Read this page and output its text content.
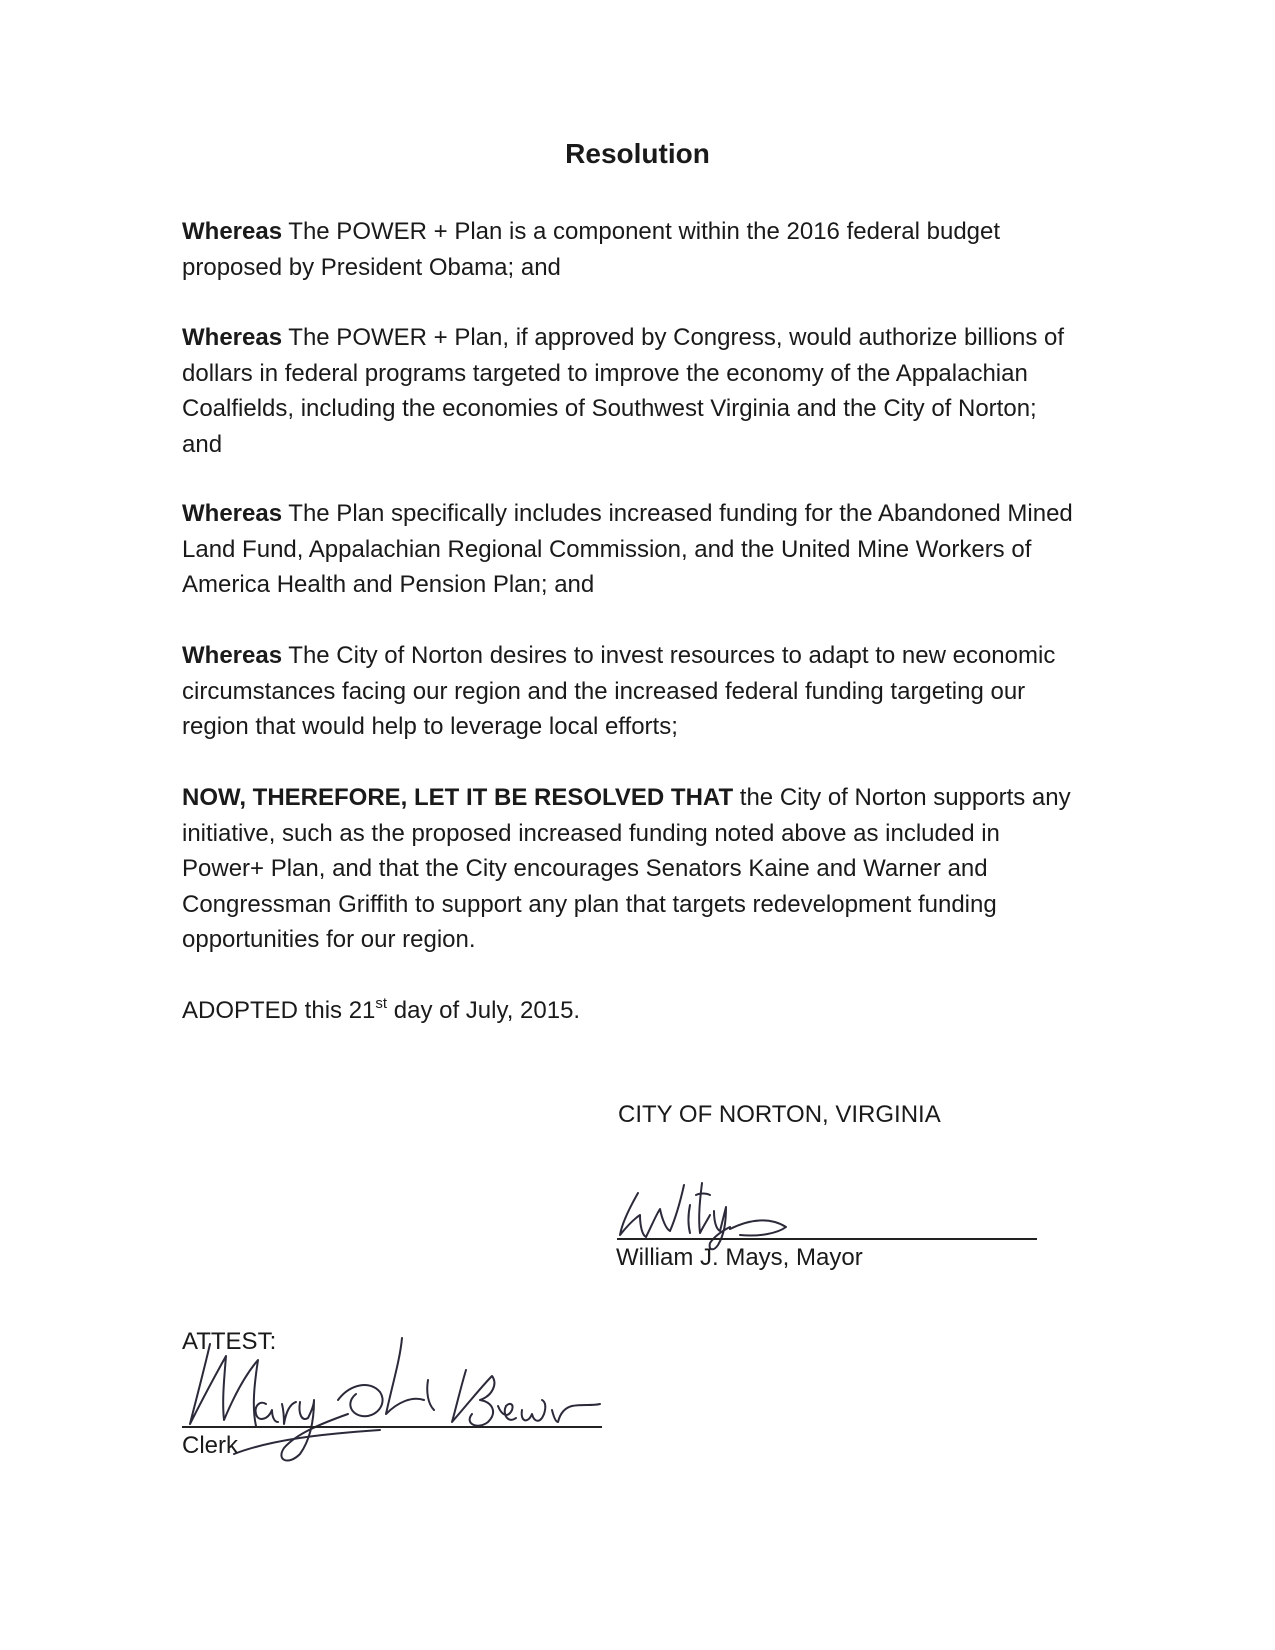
Resolution

Whereas The POWER + Plan is a component within the 2016 federal budget proposed by President Obama; and

Whereas The POWER + Plan, if approved by Congress, would authorize billions of dollars in federal programs targeted to improve the economy of the Appalachian Coalfields, including the economies of Southwest Virginia and the City of Norton; and

Whereas The Plan specifically includes increased funding for the Abandoned Mined Land Fund, Appalachian Regional Commission, and the United Mine Workers of America Health and Pension Plan; and

Whereas The City of Norton desires to invest resources to adapt to new economic circumstances facing our region and the increased federal funding targeting our region that would help to leverage local efforts;

NOW, THEREFORE, LET IT BE RESOLVED THAT the City of Norton supports any initiative, such as the proposed increased funding noted above as included in Power+ Plan, and that the City encourages Senators Kaine and Warner and Congressman Griffith to support any plan that targets redevelopment funding opportunities for our region.

ADOPTED this 21st day of July, 2015.

CITY OF NORTON, VIRGINIA
William J. Mays, Mayor
ATTEST:
Clerk
